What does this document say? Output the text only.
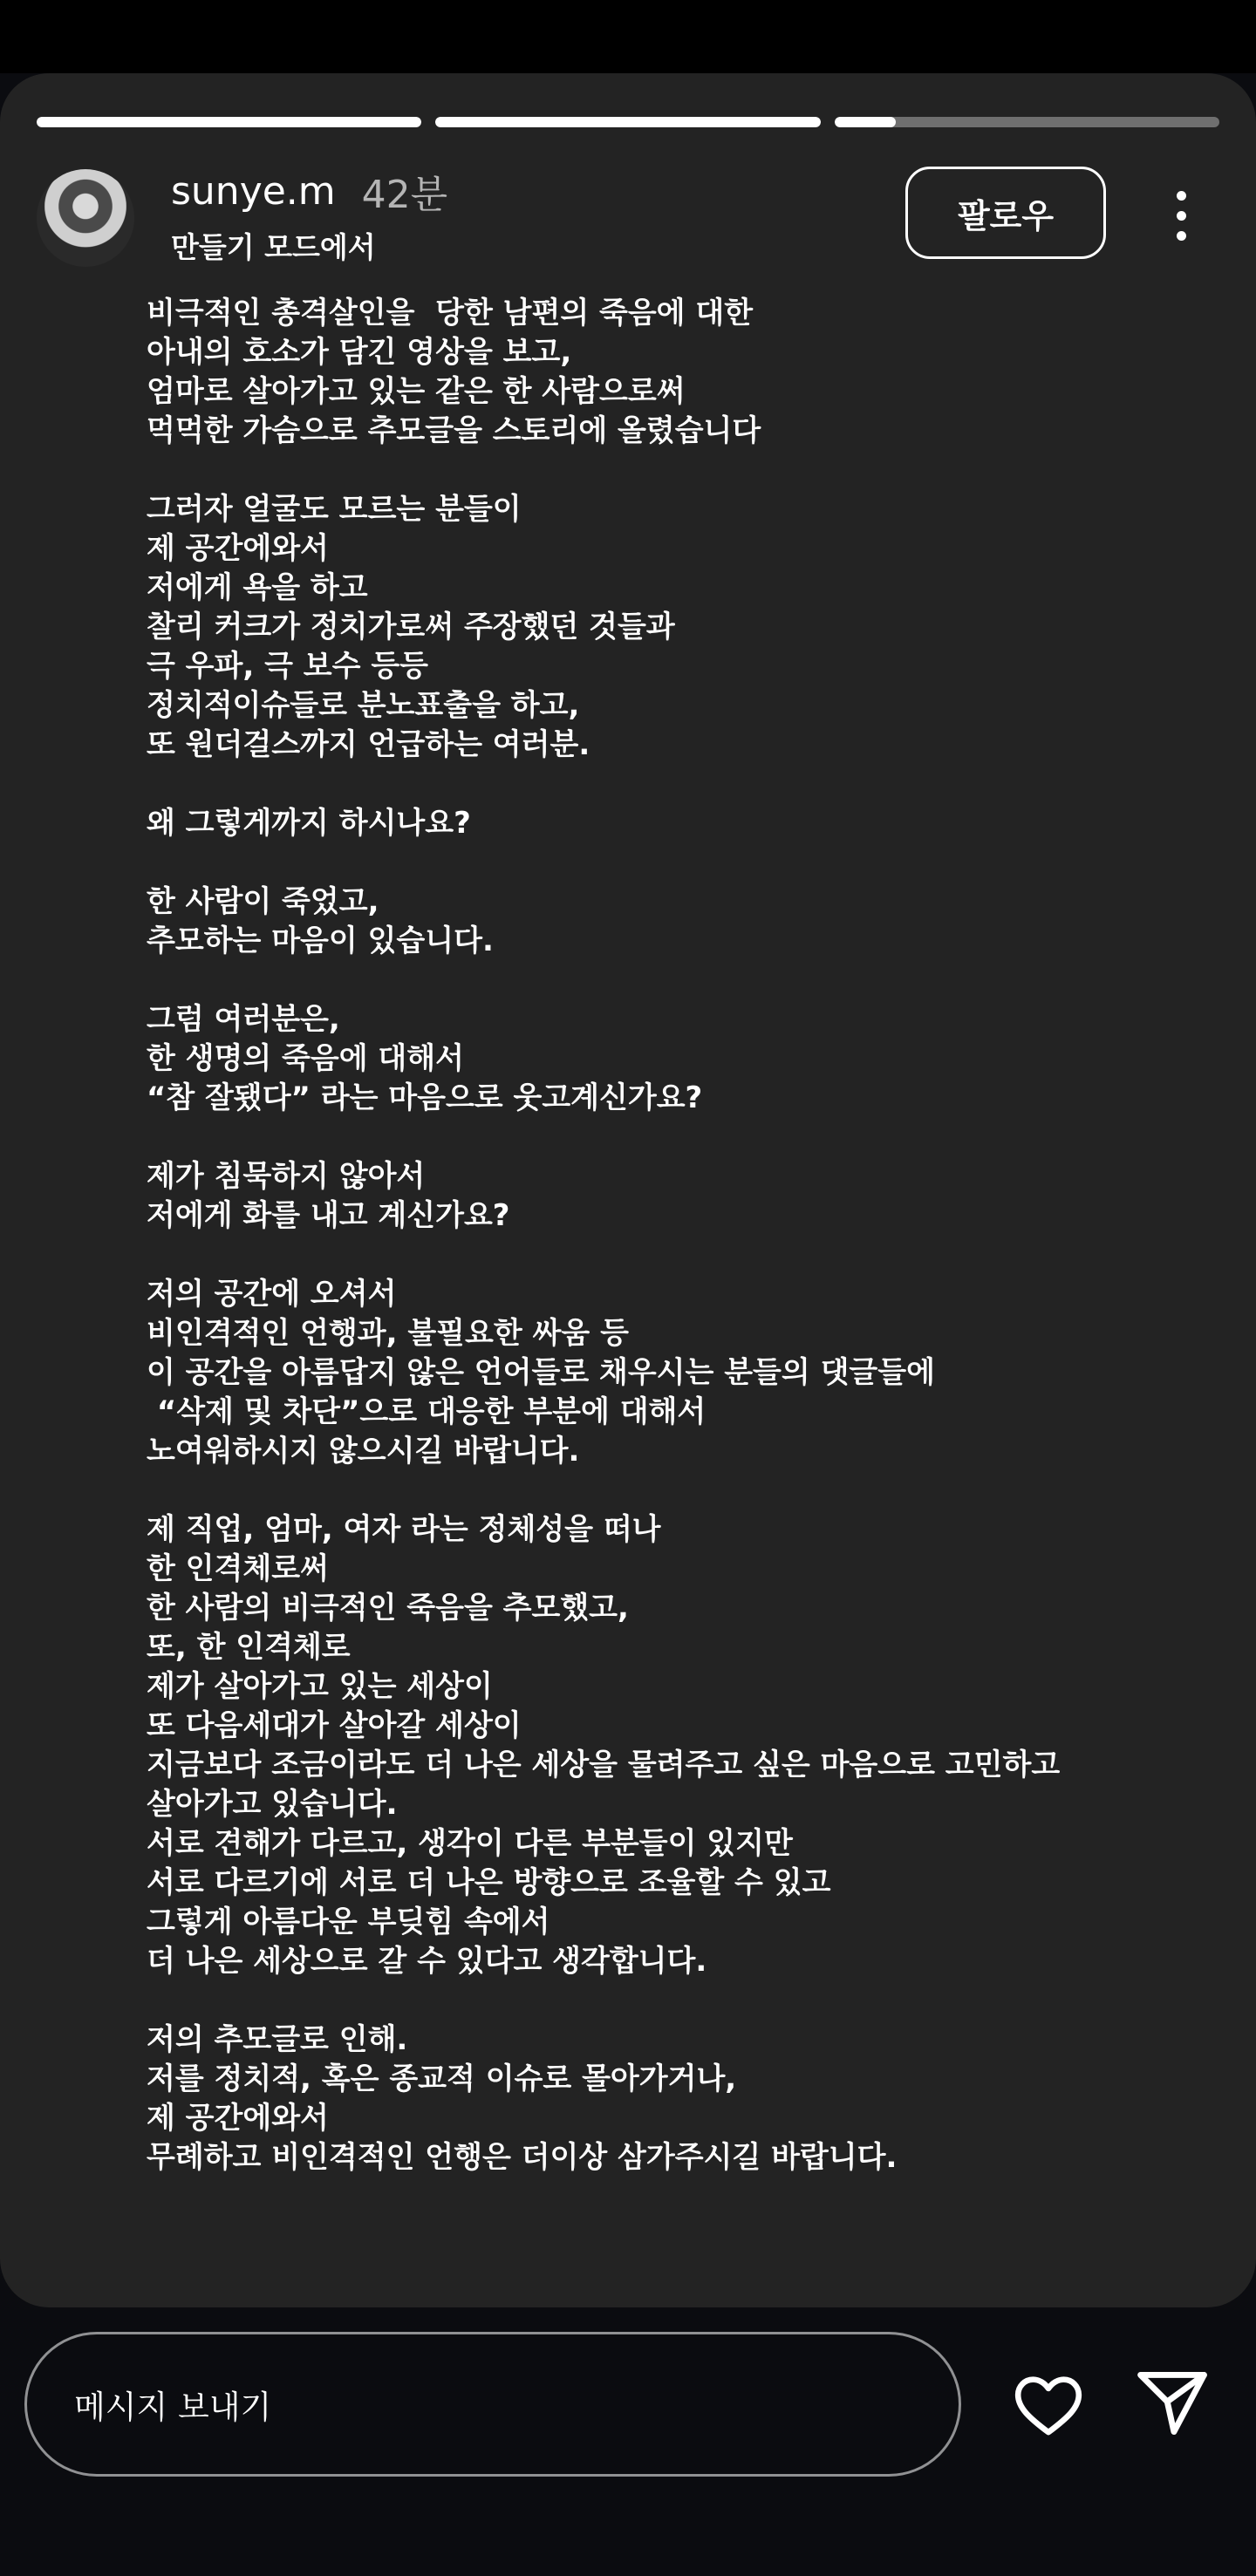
sunye.m 42분
만들기 모드에서
팔로우
비극적인 총격살인을  당한 남편의 죽음에 대한
아내의 호소가 담긴 영상을 보고,
엄마로 살아가고 있는 같은 한 사람으로써
먹먹한 가슴으로 추모글을 스토리에 올렸습니다

그러자 얼굴도 모르는 분들이
제 공간에와서
저에게 욕을 하고
찰리 커크가 정치가로써 주장했던 것들과
극 우파, 극 보수 등등
정치적이슈들로 분노표출을 하고,
또 원더걸스까지 언급하는 여러분.

왜 그렇게까지 하시나요?

한 사람이 죽었고,
추모하는 마음이 있습니다.

그럼 여러분은,
한 생명의 죽음에 대해서
“참 잘됐다” 라는 마음으로 웃고계신가요?

제가 침묵하지 않아서
저에게 화를 내고 계신가요?

저의 공간에 오셔서
비인격적인 언행과, 불필요한 싸움 등
이 공간을 아름답지 않은 언어들로 채우시는 분들의 댓글들에
“삭제 및 차단”으로 대응한 부분에 대해서
노여워하시지 않으시길 바랍니다.

제 직업, 엄마, 여자 라는 정체성을 떠나
한 인격체로써
한 사람의 비극적인 죽음을 추모했고,
또, 한 인격체로
제가 살아가고 있는 세상이
또 다음세대가 살아갈 세상이
지금보다 조금이라도 더 나은 세상을 물려주고 싶은 마음으로 고민하고
살아가고 있습니다.
서로 견해가 다르고, 생각이 다른 부분들이 있지만
서로 다르기에 서로 더 나은 방향으로 조율할 수 있고
그렇게 아름다운 부딪힘 속에서
더 나은 세상으로 갈 수 있다고 생각합니다.

저의 추모글로 인해.
저를 정치적, 혹은 종교적 이슈로 몰아가거나,
제 공간에와서
무례하고 비인격적인 언행은 더이상 삼가주시길 바랍니다.
메시지 보내기
